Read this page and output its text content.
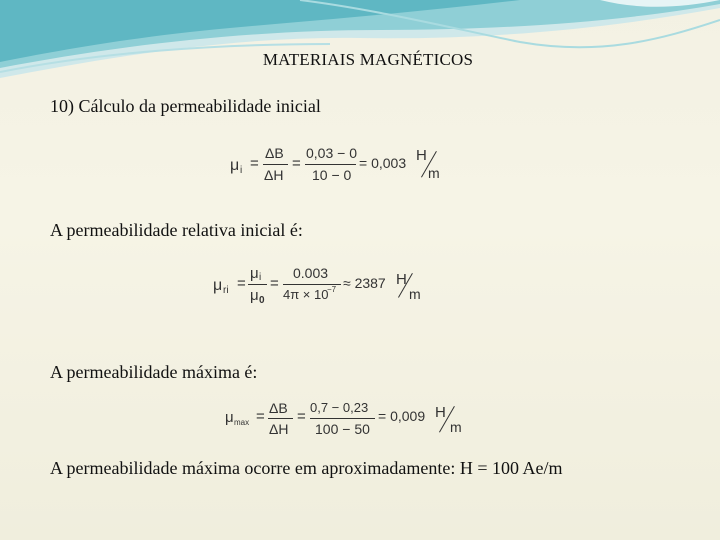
MATERIAIS MAGNÉTICOS
10) Cálculo da permeabilidade inicial
μ i =
ΔB
ΔH
=
0,03 − 0
10 − 0
= 0,003 H
m
A permeabilidade relativa inicial é:
μ ri =
μ i
μ 0
=
0.003
4π × 10
−7 ≈ 2387 H
m
A permeabilidade máxima é:
μ max = ΔB
ΔH
=
0,7 − 0,23
100 − 50
= 0,009 H
m
A permeabilidade máxima ocorre em aproximadamente: H = 100 Ae/m
